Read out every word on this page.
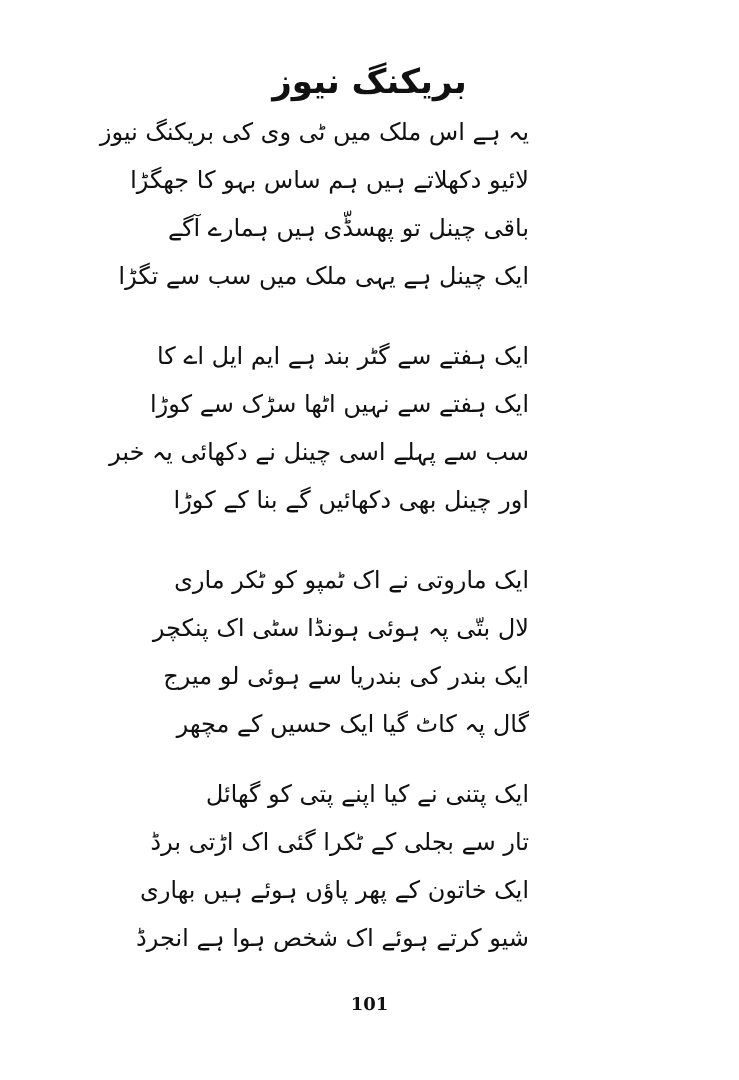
بریکنگ نیوز
یہ ہے اس ملک میں ٹی وی کی بریکنگ نیوز
لائیو دکھلاتے ہیں ہم ساس بہو کا جھگڑا
باقی چینل تو پھسڈّی ہیں ہمارے آگے
ایک چینل ہے یہی ملک میں سب سے تگڑا
ایک ہفتے سے گٹر بند ہے ایم ایل اے کا
ایک ہفتے سے نہیں اٹھا سڑک سے کوڑا
سب سے پہلے اسی چینل نے دکھائی یہ خبر
اور چینل بھی دکھائیں گے بنا کے کوڑا
ایک ماروتی نے اک ٹمپو کو ٹکر ماری
لال بتّی پہ ہوئی ہونڈا سٹی اک پنکچر
ایک بندر کی بندریا سے ہوئی لو میرج
گال پہ کاٹ گیا ایک حسیں کے مچھر
ایک پتنی نے کیا اپنے پتی کو گھائل
تار سے بجلی کے ٹکرا گئی اک اڑتی برڈ
ایک خاتون کے پھر پاؤں ہوئے ہیں بھاری
شیو کرتے ہوئے اک شخص ہوا ہے انجرڈ
101
